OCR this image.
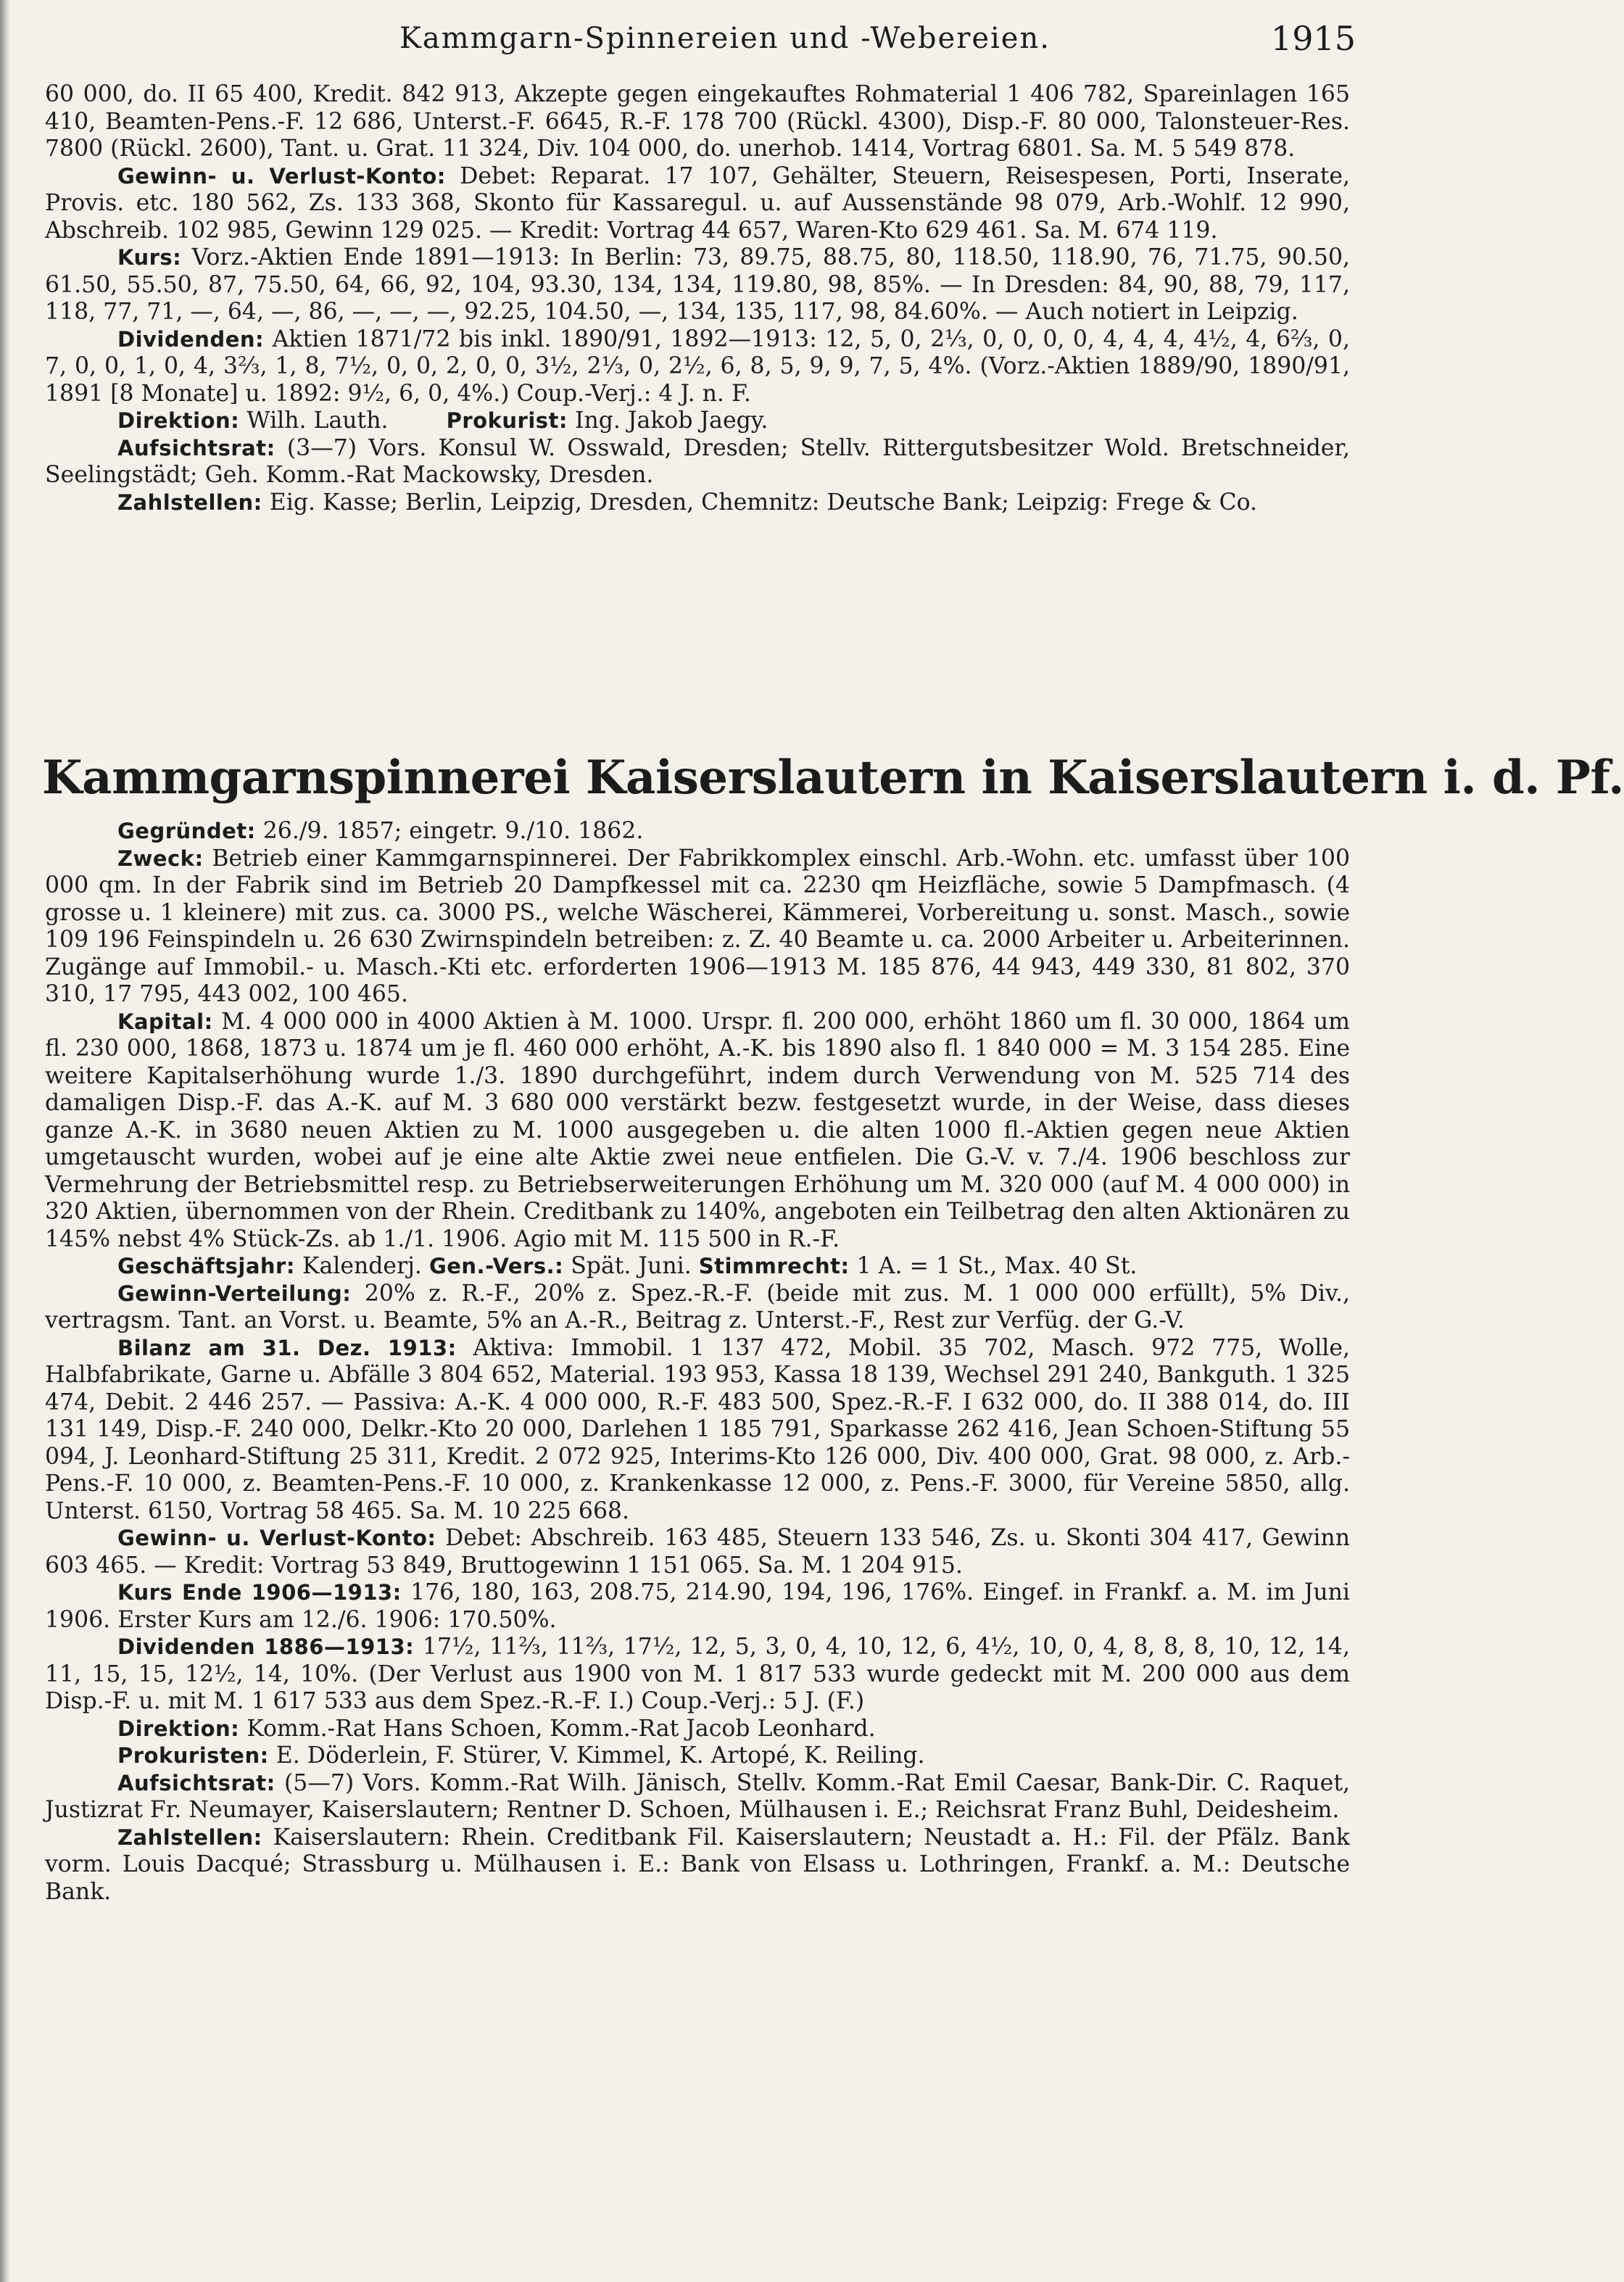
Kammgarn-Spinnereien und -Webereien.	1915

60 000, do. II 65 400, Kredit. 842 913, Akzepte gegen eingekauftes Rohmaterial 1 406 782, Spareinlagen 165 410, Beamten-Pens.-F. 12 686, Unterst.-F. 6645, R.-F. 178 700 (Rückl. 4300), Disp.-F. 80 000, Talonsteuer-Res. 7800 (Rückl. 2600), Tant. u. Grat. 11 324, Div. 104 000, do. unerhob. 1414, Vortrag 6801. Sa. M. 5 549 878.

Gewinn- u. Verlust-Konto: Debet: Reparat. 17 107, Gehälter, Steuern, Reisespesen, Porti, Inserate, Provis. etc. 180 562, Zs. 133 368, Skonto für Kassaregul. u. auf Aussenstände 98 079, Arb.-Wohlf. 12 990, Abschreib. 102 985, Gewinn 129 025. — Kredit: Vortrag 44 657, Waren-Kto 629 461. Sa. M. 674 119.

Kurs: Vorz.-Aktien Ende 1891—1913: In Berlin: 73, 89.75, 88.75, 80, 118.50, 118.90, 76, 71.75, 90.50, 61.50, 55.50, 87, 75.50, 64, 66, 92, 104, 93.30, 134, 134, 119.80, 98, 85%. — In Dresden: 84, 90, 88, 79, 117, 118, 77, 71, —, 64, —, 86, —, —, —, 92.25, 104.50, —, 134, 135, 117, 98, 84.60%. — Auch notiert in Leipzig.

Dividenden: Aktien 1871/72 bis inkl. 1890/91, 1892—1913: 12, 5, 0, 2⅓, 0, 0, 0, 0, 4, 4, 4, 4½, 4, 6⅔, 0, 7, 0, 0, 1, 0, 4, 3⅔, 1, 8, 7½, 0, 0, 2, 0, 0, 3½, 2⅓, 0, 2½, 6, 8, 5, 9, 9, 7, 5, 4%. (Vorz.-Aktien 1889/90, 1890/91, 1891 [8 Monate] u. 1892: 9½, 6, 0, 4%.) Coup.-Verj.: 4 J. n. F.

Direktion: Wilh. Lauth.	Prokurist: Ing. Jakob Jaegy.

Aufsichtsrat: (3—7) Vors. Konsul W. Osswald, Dresden; Stellv. Rittergutsbesitzer Wold. Bretschneider, Seelingstädt; Geh. Komm.-Rat Mackowsky, Dresden.

Zahlstellen: Eig. Kasse; Berlin, Leipzig, Dresden, Chemnitz: Deutsche Bank; Leipzig: Frege & Co.

Kammgarnspinnerei Kaiserslautern in Kaiserslautern i. d. Pf.

Gegründet: 26./9. 1857; eingetr. 9./10. 1862.

Zweck: Betrieb einer Kammgarnspinnerei. Der Fabrikkomplex einschl. Arb.-Wohn. etc. umfasst über 100 000 qm. In der Fabrik sind im Betrieb 20 Dampfkessel mit ca. 2230 qm Heizfläche, sowie 5 Dampfmasch. (4 grosse u. 1 kleinere) mit zus. ca. 3000 PS., welche Wäscherei, Kämmerei, Vorbereitung u. sonst. Masch., sowie 109 196 Feinspindeln u. 26 630 Zwirnspindeln betreiben: z. Z. 40 Beamte u. ca. 2000 Arbeiter u. Arbeiterinnen. Zugänge auf Immobil.- u. Masch.-Kti etc. erforderten 1906—1913 M. 185 876, 44 943, 449 330, 81 802, 370 310, 17 795, 443 002, 100 465.

Kapital: M. 4 000 000 in 4000 Aktien à M. 1000. Urspr. fl. 200 000, erhöht 1860 um fl. 30 000, 1864 um fl. 230 000, 1868, 1873 u. 1874 um je fl. 460 000 erhöht, A.-K. bis 1890 also fl. 1 840 000 = M. 3 154 285. Eine weitere Kapitalserhöhung wurde 1./3. 1890 durchgeführt, indem durch Verwendung von M. 525 714 des damaligen Disp.-F. das A.-K. auf M. 3 680 000 verstärkt bezw. festgesetzt wurde, in der Weise, dass dieses ganze A.-K. in 3680 neuen Aktien zu M. 1000 ausgegeben u. die alten 1000 fl.-Aktien gegen neue Aktien umgetauscht wurden, wobei auf je eine alte Aktie zwei neue entfielen. Die G.-V. v. 7./4. 1906 beschloss zur Vermehrung der Betriebsmittel resp. zu Betriebserweiterungen Erhöhung um M. 320 000 (auf M. 4 000 000) in 320 Aktien, übernommen von der Rhein. Creditbank zu 140%, angeboten ein Teilbetrag den alten Aktionären zu 145% nebst 4% Stück-Zs. ab 1./1. 1906. Agio mit M. 115 500 in R.-F.

Geschäftsjahr: Kalenderj. Gen.-Vers.: Spät. Juni. Stimmrecht: 1 A. = 1 St., Max. 40 St.

Gewinn-Verteilung: 20% z. R.-F., 20% z. Spez.-R.-F. (beide mit zus. M. 1 000 000 erfüllt), 5% Div., vertragsm. Tant. an Vorst. u. Beamte, 5% an A.-R., Beitrag z. Unterst.-F., Rest zur Verfüg. der G.-V.

Bilanz am 31. Dez. 1913: Aktiva: Immobil. 1 137 472, Mobil. 35 702, Masch. 972 775, Wolle, Halbfabrikate, Garne u. Abfälle 3 804 652, Material. 193 953, Kassa 18 139, Wechsel 291 240, Bankguth. 1 325 474, Debit. 2 446 257. — Passiva: A.-K. 4 000 000, R.-F. 483 500, Spez.-R.-F. I 632 000, do. II 388 014, do. III 131 149, Disp.-F. 240 000, Delkr.-Kto 20 000, Darlehen 1 185 791, Sparkasse 262 416, Jean Schoen-Stiftung 55 094, J. Leonhard-Stiftung 25 311, Kredit. 2 072 925, Interims-Kto 126 000, Div. 400 000, Grat. 98 000, z. Arb.-Pens.-F. 10 000, z. Beamten-Pens.-F. 10 000, z. Krankenkasse 12 000, z. Pens.-F. 3000, für Vereine 5850, allg. Unterst. 6150, Vortrag 58 465. Sa. M. 10 225 668.

Gewinn- u. Verlust-Konto: Debet: Abschreib. 163 485, Steuern 133 546, Zs. u. Skonti 304 417, Gewinn 603 465. — Kredit: Vortrag 53 849, Bruttogewinn 1 151 065. Sa. M. 1 204 915.

Kurs Ende 1906—1913: 176, 180, 163, 208.75, 214.90, 194, 196, 176%. Eingef. in Frankf. a. M. im Juni 1906. Erster Kurs am 12./6. 1906: 170.50%.

Dividenden 1886—1913: 17½, 11⅔, 11⅔, 17½, 12, 5, 3, 0, 4, 10, 12, 6, 4½, 10, 0, 4, 8, 8, 8, 10, 12, 14, 11, 15, 15, 12½, 14, 10%. (Der Verlust aus 1900 von M. 1 817 533 wurde gedeckt mit M. 200 000 aus dem Disp.-F. u. mit M. 1 617 533 aus dem Spez.-R.-F. I.) Coup.-Verj.: 5 J. (F.)

Direktion: Komm.-Rat Hans Schoen, Komm.-Rat Jacob Leonhard.

Prokuristen: E. Döderlein, F. Stürer, V. Kimmel, K. Artopé, K. Reiling.

Aufsichtsrat: (5—7) Vors. Komm.-Rat Wilh. Jänisch, Stellv. Komm.-Rat Emil Caesar, Bank-Dir. C. Raquet, Justizrat Fr. Neumayer, Kaiserslautern; Rentner D. Schoen, Mülhausen i. E.; Reichsrat Franz Buhl, Deidesheim.

Zahlstellen: Kaiserslautern: Rhein. Creditbank Fil. Kaiserslautern; Neustadt a. H.: Fil. der Pfälz. Bank vorm. Louis Dacqué; Strassburg u. Mülhausen i. E.: Bank von Elsass u. Lothringen, Frankf. a. M.: Deutsche Bank.
